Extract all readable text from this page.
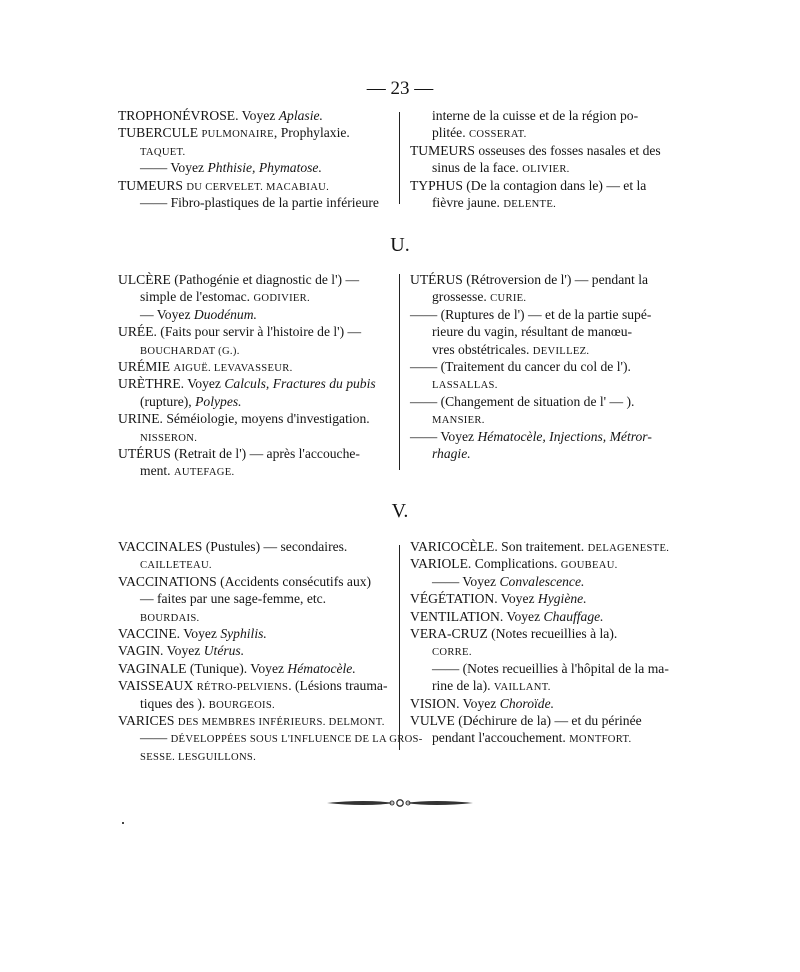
— 23 —
TROPHONÉVROSE. Voyez Aplasie.
TUBERCULE PULMONAIRE, Prophylaxie.
TAQUET.
—— Voyez Phthisie, Phymatose.
TUMEURS DU CERVELET. MACABIAU.
—— Fibro-plastiques de la partie inférieure
interne de la cuisse et de la région po-
plitée. COSSERAT.
TUMEURS osseuses des fosses nasales et des
sinus de la face. OLIVIER.
TYPHUS (De la contagion dans le) — et la
fièvre jaune. DELENTE.
U.
ULCÈRE (Pathogénie et diagnostic de l') —
simple de l'estomac. GODIVIER.
— Voyez Duodénum.
URÉE. (Faits pour servir à l'histoire de l') —
BOUCHARDAT (G.).
URÉMIE AIGUË. LEVAVASSEUR.
URÈTHRE. Voyez Calculs, Fractures du pubis
(rupture), Polypes.
URINE. Séméiologie, moyens d'investigation.
NISSERON.
UTÉRUS (Retrait de l') — après l'accouche-
ment. AUTEFAGE.
UTÉRUS (Rétroversion de l') — pendant la
grossesse. CURIE.
—— (Ruptures de l') — et de la partie supé-
rieure du vagin, résultant de manœu-
vres obstétricales. DEVILLEZ.
—— (Traitement du cancer du col de l').
LASSALLAS.
—— (Changement de situation de l' — ).
MANSIER.
—— Voyez Hématocèle, Injections, Métror-
rhagie.
V.
VACCINALES (Pustules) — secondaires.
CAILLETEAU.
VACCINATIONS (Accidents consécutifs aux)
— faites par une sage-femme, etc.
BOURDAIS.
VACCINE. Voyez Syphilis.
VAGIN. Voyez Utérus.
VAGINALE (Tunique). Voyez Hématocèle.
VAISSEAUX RÉTRO-PELVIENS. (Lésions trauma-
tiques des ). BOURGEOIS.
VARICES DES MEMBRES INFÉRIEURS. DELMONT.
—— DÉVELOPPÉES SOUS L'INFLUENCE DE LA GROS-
SESSE. LESGUILLONS.
VARICOCÈLE. Son traitement. DELAGENESTE.
VARIOLE. Complications. GOUBEAU.
—— Voyez Convalescence.
VÉGÉTATION. Voyez Hygiène.
VENTILATION. Voyez Chauffage.
VERA-CRUZ (Notes recueillies à la).
CORRE.
—— (Notes recueillies à l'hôpital de la ma-
rine de la). VAILLANT.
VISION. Voyez Choroïde.
VULVE (Déchirure de la) — et du périnée
pendant l'accouchement. MONTFORT.
